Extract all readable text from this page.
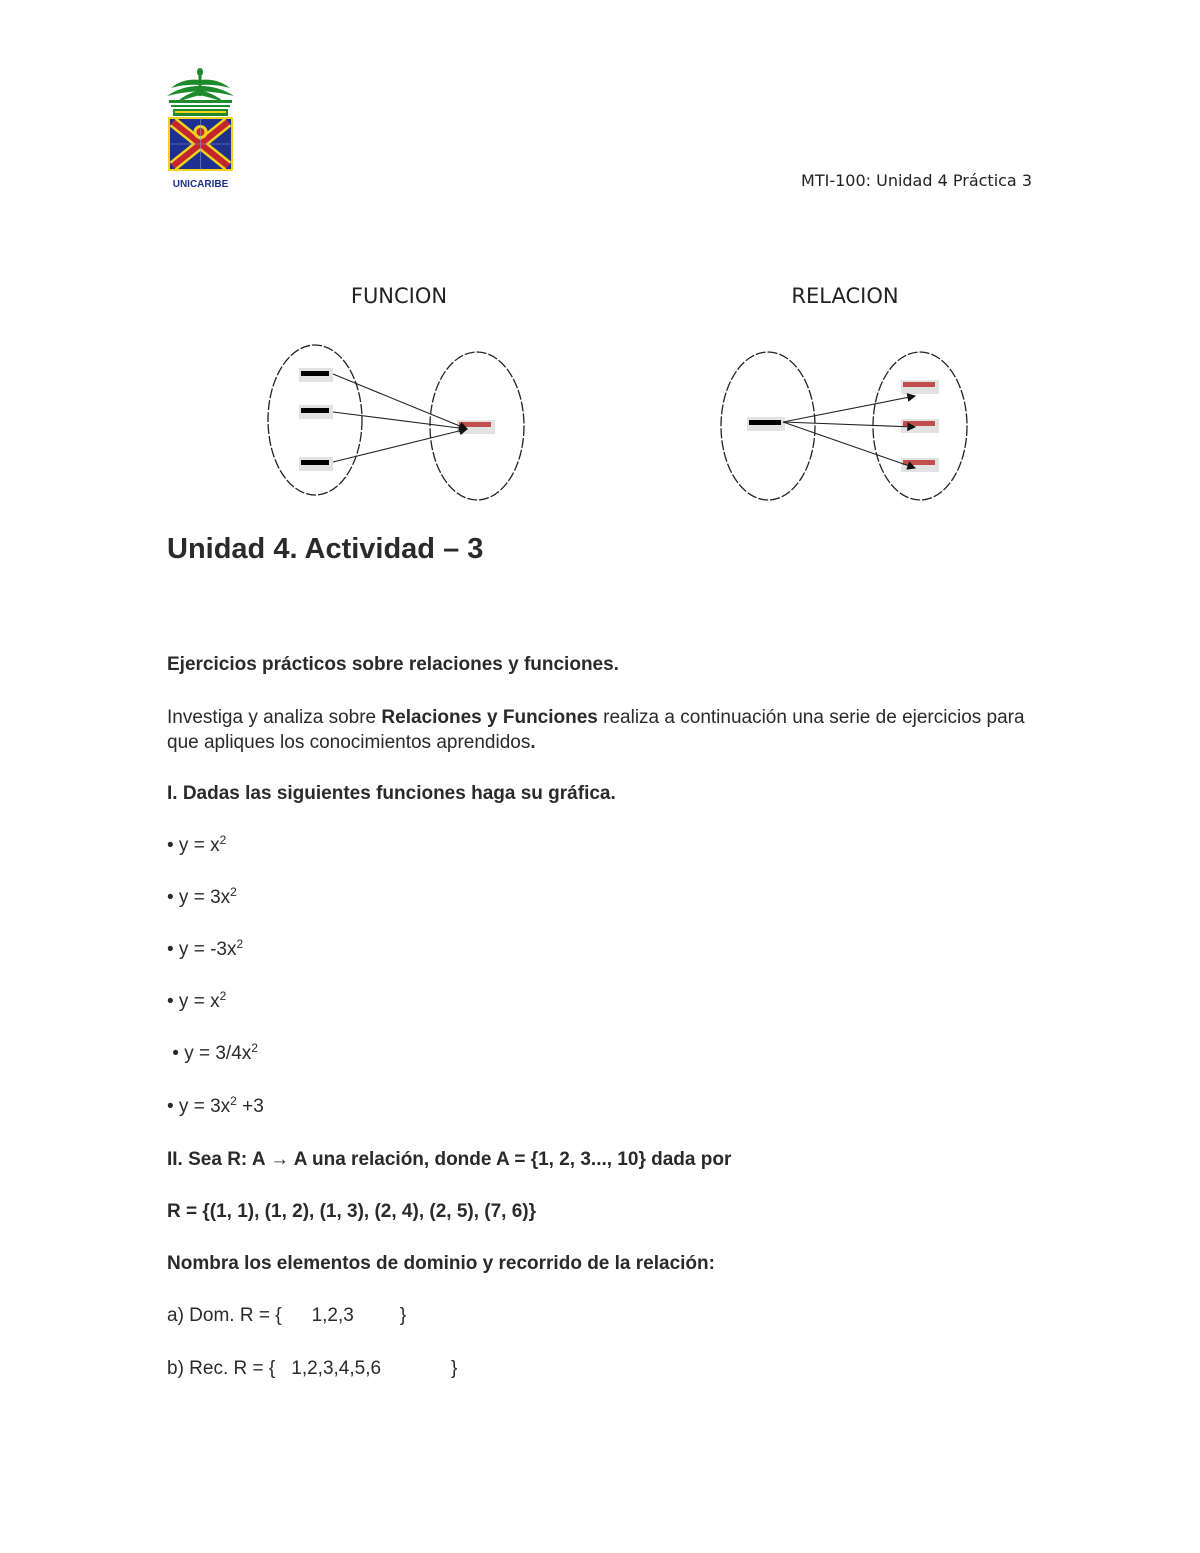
UNICARIBE	MTI-100: Unidad 4 Práctica 3
FUNCION	RELACION
Unidad 4. Actividad – 3
Ejercicios prácticos sobre relaciones y funciones.
Investiga y analiza sobre Relaciones y Funciones realiza a continuación una serie de ejercicios para que apliques los conocimientos aprendidos.
I. Dadas las siguientes funciones haga su gráfica.
• $y = x^2$
• $y = 3x^2$
• $y = -3x^2$
• $y = x^2$
• $y = 3/4x^2$
• $y = 3x^2 +3$
II. Sea R: A → A una relación, donde A = {1, 2, 3..., 10} dada por
R = {(1, 1), (1, 2), (1, 3), (2, 4), (2, 5), (7, 6)}
Nombra los elementos de dominio y recorrido de la relación:
a) Dom. R = { 1,2,3 }
b) Rec. R = { 1,2,3,4,5,6	}
